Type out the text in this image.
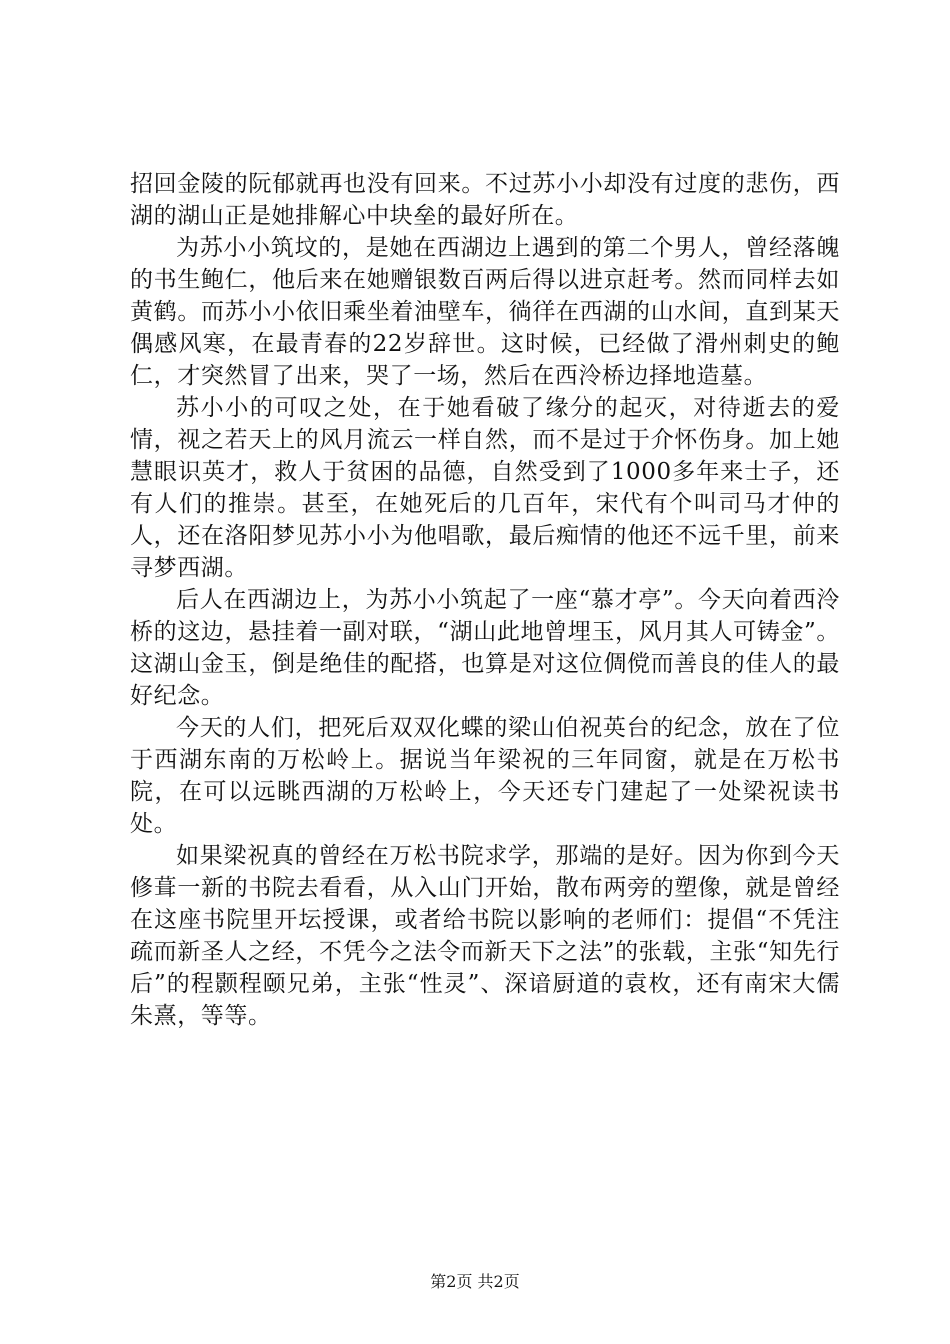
招回金陵的阮郁就再也没有回来。不过苏小小却没有过度的悲伤，西湖的湖山正是她排解心中块垒的最好所在。

为苏小小筑坟的，是她在西湖边上遇到的第二个男人，曾经落魄的书生鲍仁，他后来在她赠银数百两后得以进京赶考。然而同样去如黄鹤。而苏小小依旧乘坐着油壁车，徜徉在西湖的山水间，直到某天偶感风寒，在最青春的22岁辞世。这时候，已经做了滑州刺史的鲍仁，才突然冒了出来，哭了一场，然后在西泠桥边择地造墓。

苏小小的可叹之处，在于她看破了缘分的起灭，对待逝去的爱情，视之若天上的风月流云一样自然，而不是过于介怀伤身。加上她慧眼识英才，救人于贫困的品德，自然受到了1000多年来士子，还有人们的推崇。甚至，在她死后的几百年，宋代有个叫司马才仲的人，还在洛阳梦见苏小小为他唱歌，最后痴情的他还不远千里，前来寻梦西湖。

后人在西湖边上，为苏小小筑起了一座“慕才亭”。今天向着西泠桥的这边，悬挂着一副对联，“湖山此地曾埋玉，风月其人可铸金”。这湖山金玉，倒是绝佳的配搭，也算是对这位倜傥而善良的佳人的最好纪念。

今天的人们，把死后双双化蝶的梁山伯祝英台的纪念，放在了位于西湖东南的万松岭上。据说当年梁祝的三年同窗，就是在万松书院，在可以远眺西湖的万松岭上，今天还专门建起了一处梁祝读书处。

如果梁祝真的曾经在万松书院求学，那端的是好。因为你到今天修葺一新的书院去看看，从入山门开始，散布两旁的塑像，就是曾经在这座书院里开坛授课，或者给书院以影响的老师们：提倡“不凭注疏而新圣人之经，不凭今之法令而新天下之法”的张载，主张“知先行后”的程颢程颐兄弟，主张“性灵”、深谙厨道的袁枚，还有南宋大儒朱熹，等等。

第2页 共2页
